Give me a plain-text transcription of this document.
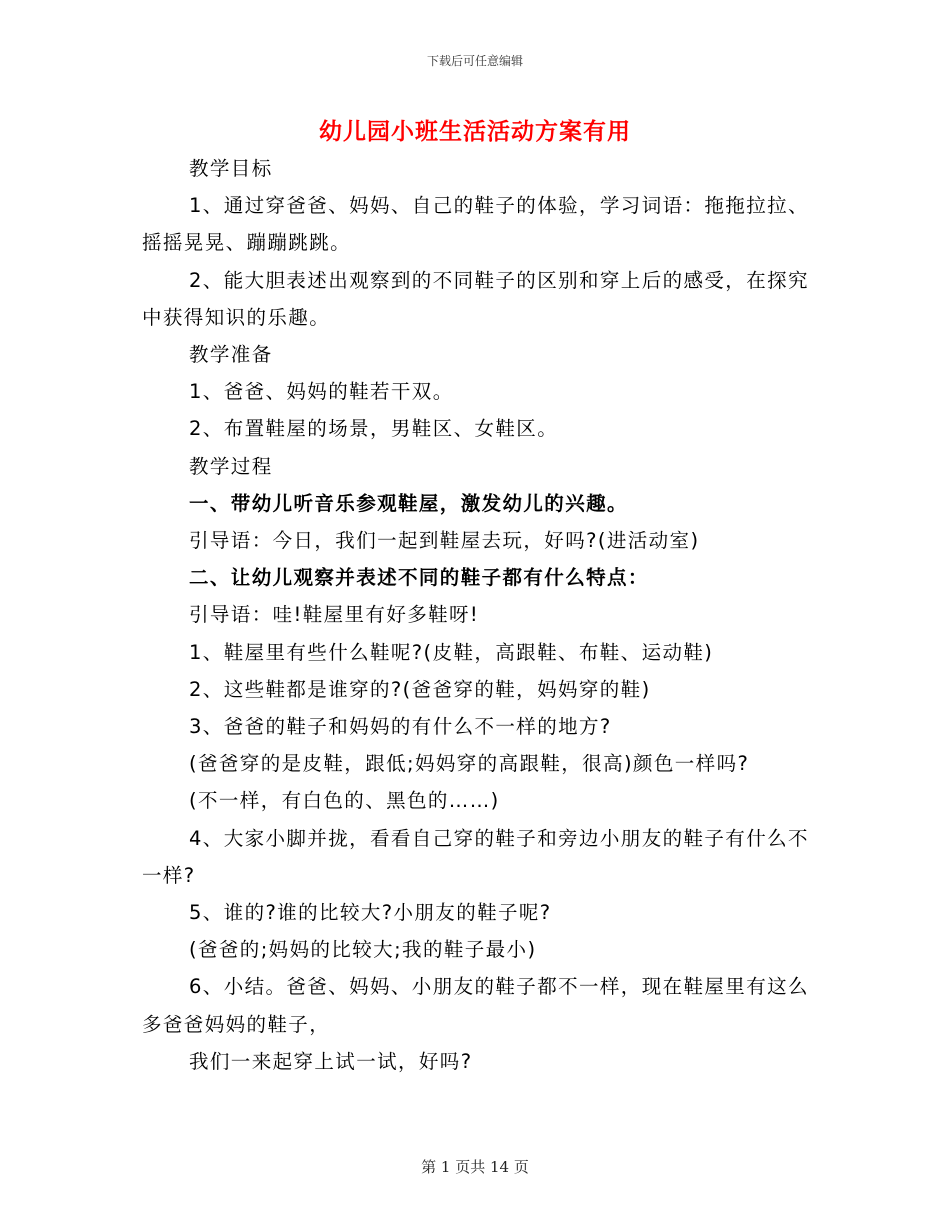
下载后可任意编辑
幼儿园小班生活活动方案有用

教学目标

1、通过穿爸爸、妈妈、自己的鞋子的体验，学习词语：拖拖拉拉、摇摇晃晃、蹦蹦跳跳。

2、能大胆表述出观察到的不同鞋子的区别和穿上后的感受，在探究中获得知识的乐趣。

教学准备

1、爸爸、妈妈的鞋若干双。

2、布置鞋屋的场景，男鞋区、女鞋区。

教学过程

一、带幼儿听音乐参观鞋屋，激发幼儿的兴趣。

引导语：今日，我们一起到鞋屋去玩，好吗?(进活动室)

二、让幼儿观察并表述不同的鞋子都有什么特点：

引导语：哇!鞋屋里有好多鞋呀!

1、鞋屋里有些什么鞋呢?(皮鞋，高跟鞋、布鞋、运动鞋)

2、这些鞋都是谁穿的?(爸爸穿的鞋，妈妈穿的鞋)

3、爸爸的鞋子和妈妈的有什么不一样的地方?

(爸爸穿的是皮鞋，跟低;妈妈穿的高跟鞋，很高)颜色一样吗?

(不一样，有白色的、黑色的……)

4、大家小脚并拢，看看自己穿的鞋子和旁边小朋友的鞋子有什么不一样?

5、谁的?谁的比较大?小朋友的鞋子呢?

(爸爸的;妈妈的比较大;我的鞋子最小)

6、小结。爸爸、妈妈、小朋友的鞋子都不一样，现在鞋屋里有这么多爸爸妈妈的鞋子，

我们一来起穿上试一试，好吗?

第 1 页共 14 页
